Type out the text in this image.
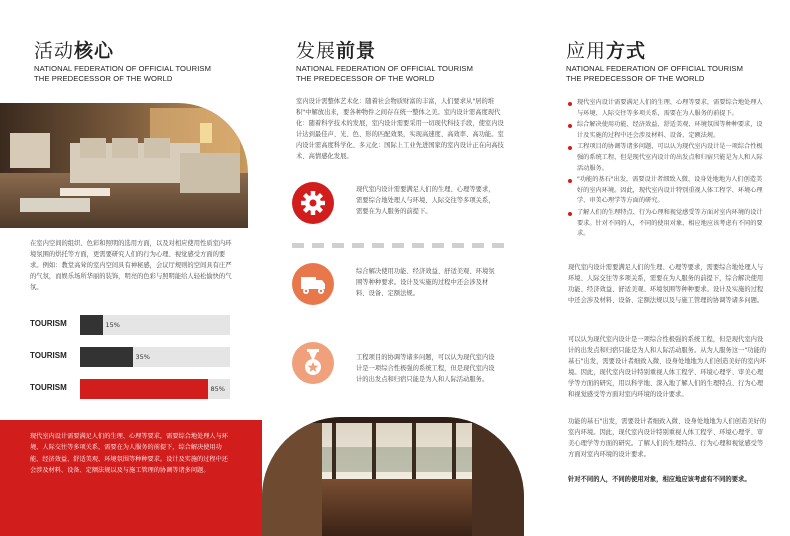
活动核心
NATIONAL FEDERATION OF OFFICIAL TOURISM
THE PREDECESSOR OF THE WORLD
在室内空间的组织、色彩和照明的选用方面，以及对相应使用性质室内环境氛围的烘托等方面，更需要研究人们的行为心理、视觉感受方面的要求。例如：教堂高耸的室内空间具有神秘感，会议厅规则的空间具有庄严的气氛，而娱乐场所华丽的装饰，明亮的色彩与照明能给人轻松愉快的气氛。
TOURISM	15%
TOURISM	35%
TOURISM	85%
现代室内设计需要满足人们的生理、心理等要求，需要综合地处理人与环境、人际交往等多项关系，需要在为人服务的前提下，综合解决使用功能、经济效益、舒适美观、环境氛围等种种要求。设计及实施的过程中还会涉及材料、设备、定额法规以及与施工管理的协调等诸多问题。
发展前景
NATIONAL FEDERATION OF OFFICIAL TOURISM
THE PREDECESSOR OF THE WORLD
室内设计需整体艺术化：随着社会物质财富的丰富，人们要求从"居的堆积"中解放出来，要各种物件之间存在统一整体之美。室内设计需高度现代化：随着科学技术的发展，室内设计需要采用一切现代科技手段，使室内设计达到最佳声、光、色、形的匹配效果，实现高速度、高效率、高功能。室内设计需高度科学化、多元化：国际上工业先进国家的室内设计正在向高技术、高情感化发展。
现代室内设计需要满足人们的生理、心理等要求，需要综合地处理人与环境、人际交往等多项关系，需要在为人服务的前提下。
综合解决使用功能、经济效益、舒适美观、环境氛围等种种要求。设计及实施的过程中还会涉及材料、设备、定额法规。
工程项目的协调等诸多问题，可以认为现代室内设计是一项综合性极强的系统工程，但是现代室内设计的出发点和归宿只能是为人和人际活动服务。
应用方式
NATIONAL FEDERATION OF OFFICIAL TOURISM
THE PREDECESSOR OF THE WORLD
现代室内设计需要满足人们的生理、心理等要求，需要综合地处理人与环境、人际交往等多项关系，需要在为人服务的前提下。
综合解决使用功能、经济效益、舒适美观、环境氛围等种种要求，设计及实施的过程中还会涉及材料、设备、定额法规。
工程项目的协调等诸多问题，可以认为现代室内设计是一项综合性极强的系统工程，但是现代室内设计的出发点和归宿只能是为人和人际活动服务。
"功能的基石"出发，需要设计者细致入微、设身处地地为人们创造美好的室内环境。因此，现代室内设计特别重视人体工程学、环境心理学、审美心理学等方面的研究。
了解人们的生理特点、行为心理和视觉感受等方面对室内环境的设计要求。针对不同的人，不同的使用对象，相应地应该考虑有不同的要求。
现代室内设计需要满足人们的生理、心理等要求，需要综合地处理人与环境、人际交往等多项关系，需要在为人服务的前提下，综合解决使用功能、经济效益、舒适美观、环境氛围等种种要求。设计及实施的过程中还会涉及材料、设备、定额法规以及与施工管理的协调等诸多问题。
可以认为现代室内设计是一项综合性极强的系统工程，但是现代室内设计的出发点和归宿只能是为人和人际活动服务。从为人服务这一"功能的基石"出发，需要设计者细致入微、设身处地地为人们创造美好的室内环境。因此，现代室内设计特别重视人体工程学、环境心理学、审美心理学等方面的研究，用以科学地、深入地了解人们的生理特点、行为心理和视觉感受等方面对室内环境的设计要求。
功能的基石"出发，需要设计者细致入微、设身处地地为人们创造美好的室内环境。因此，现代室内设计特别重视人体工程学、环境心理学、审美心理学等方面的研究。了解人们的生理特点、行为心理和视觉感受等方面对室内环境的设计要求。
针对不同的人，不同的使用对象，相应地应该考虑有不同的要求。
